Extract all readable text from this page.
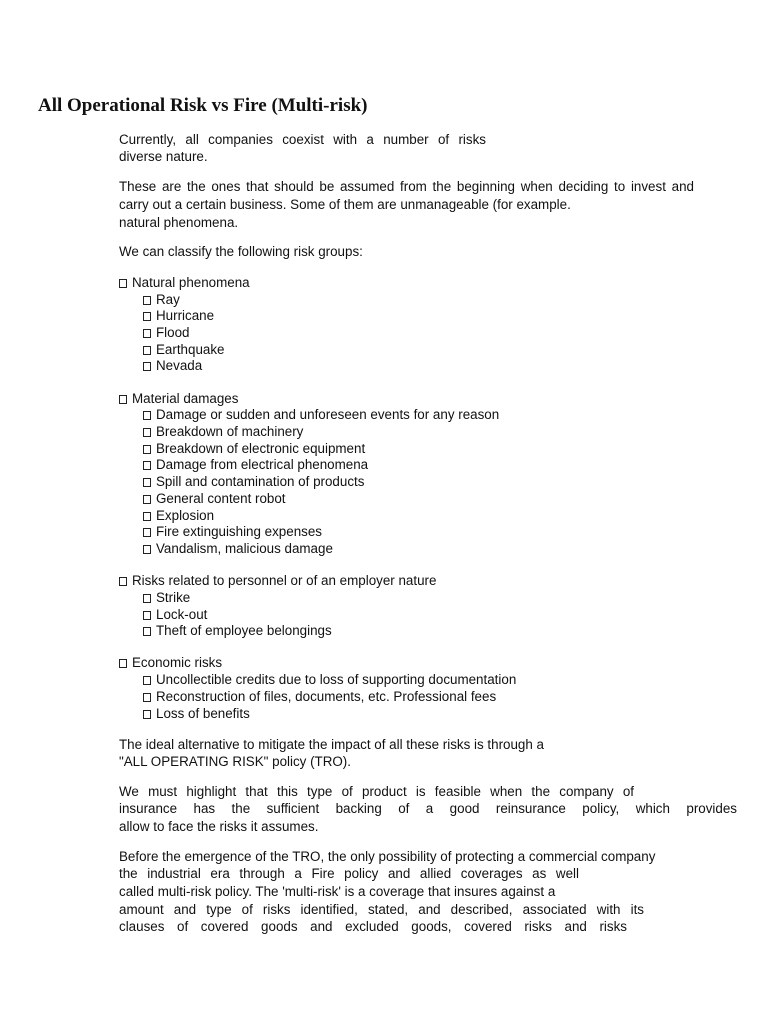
All Operational Risk vs Fire (Multi-risk)

Currently, all companies coexist with a number of risks

diverse nature.

These are the ones that should be assumed from the beginning when deciding to invest and

carry out a certain business. Some of them are unmanageable (for example.

natural phenomena.

We can classify the following risk groups:

Natural phenomena

Ray

Hurricane

Flood

Earthquake

Nevada

Material damages

Damage or sudden and unforeseen events for any reason

Breakdown of machinery

Breakdown of electronic equipment

Damage from electrical phenomena

Spill and contamination of products

General content robot

Explosion

Fire extinguishing expenses

Vandalism, malicious damage

Risks related to personnel or of an employer nature

Strike

Lock-out

Theft of employee belongings

Economic risks

Uncollectible credits due to loss of supporting documentation

Reconstruction of files, documents, etc. Professional fees

Loss of benefits

The ideal alternative to mitigate the impact of all these risks is through a

"ALL OPERATING RISK" policy (TRO).

We must highlight that this type of product is feasible when the company of

insurance has the sufficient backing of a good reinsurance policy, which provides

allow to face the risks it assumes.

Before the emergence of the TRO, the only possibility of protecting a commercial company

the industrial era through a Fire policy and allied coverages as well

called multi-risk policy. The 'multi-risk' is a coverage that insures against a

amount and type of risks identified, stated, and described, associated with its

clauses of covered goods and excluded goods, covered risks and risks
